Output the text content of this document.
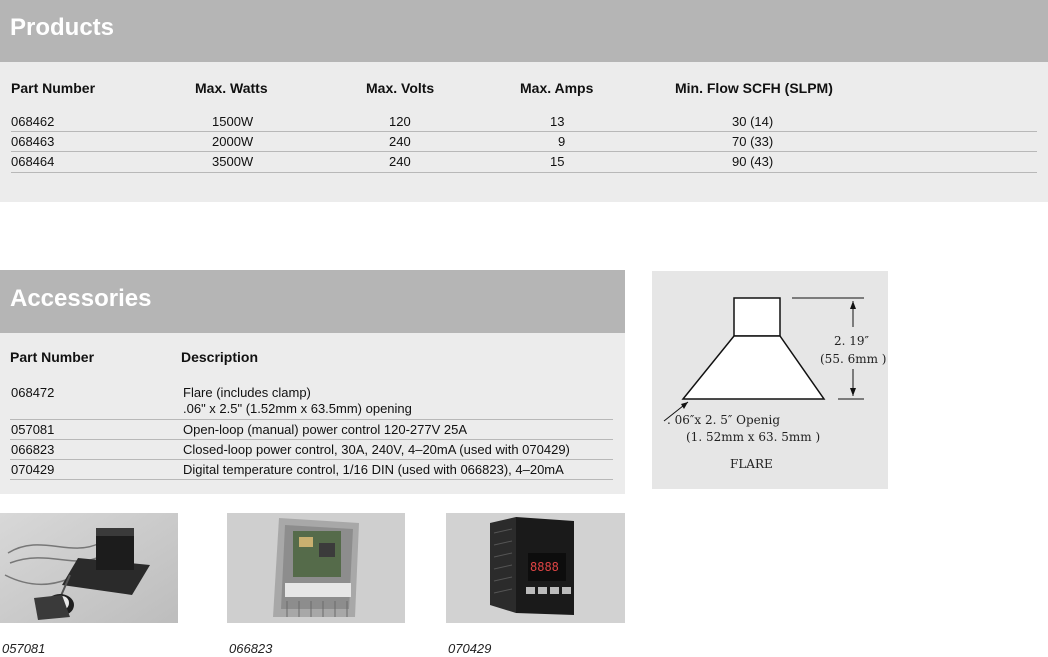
Products
Part Number	Max. Watts	Max. Volts	Max. Amps	Min. Flow SCFH (SLPM)
068462	1500W	120	13	30 (14)
068463	2000W	240	9	70 (33)
068464	3500W	240	15	90 (43)
Accessories
Part Number	Description
068472	Flare (includes clamp)
.06" x 2.5" (1.52mm x 63.5mm) opening
057081	Open-loop (manual) power control 120-277V 25A
066823	Closed-loop power control, 30A, 240V, 4–20mA (used with 070429)
070429	Digital temperature control, 1/16 DIN (used with 066823), 4–20mA
2. 19″
(55. 6mm )
. 06″x 2. 5″ Openig
(1. 52mm x 63. 5mm )
FLARE
057081	066823
8888
070429
